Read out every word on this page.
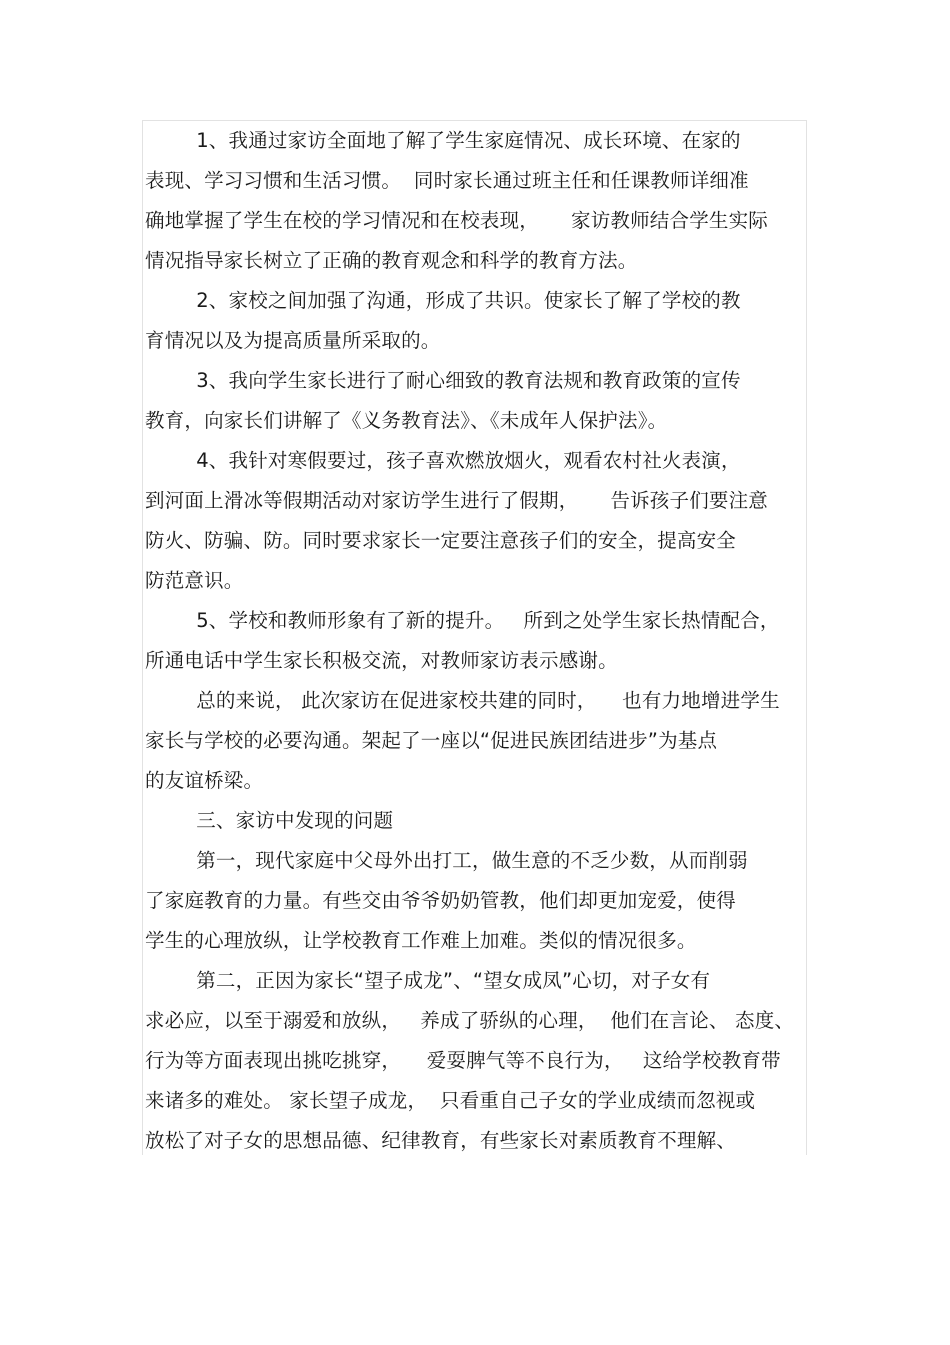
1、我通过家访全面地了解了学生家庭情况、成长环境、在家的
表现、学习习惯和生活习惯。  同时家长通过班主任和任课教师详细准
确地掌握了学生在校的学习情况和在校表现，     家访教师结合学生实际
情况指导家长树立了正确的教育观念和科学的教育方法。
2、家校之间加强了沟通，形成了共识。使家长了解了学校的教
育情况以及为提高质量所采取的。
3、我向学生家长进行了耐心细致的教育法规和教育政策的宣传
教育，向家长们讲解了《义务教育法》、《未成年人保护法》。
4、我针对寒假要过，孩子喜欢燃放烟火，观看农村社火表演，
到河面上滑冰等假期活动对家访学生进行了假期，     告诉孩子们要注意
防火、防骗、防。同时要求家长一定要注意孩子们的安全，提高安全
防范意识。
5、学校和教师形象有了新的提升。   所到之处学生家长热情配合，
所通电话中学生家长积极交流，对教师家访表示感谢。
总的来说， 此次家访在促进家校共建的同时，    也有力地增进学生
家长与学校的必要沟通。架起了一座以“促进民族团结进步”为基点
的友谊桥梁。
三、家访中发现的问题
第一，现代家庭中父母外出打工，做生意的不乏少数，从而削弱
了家庭教育的力量。有些交由爷爷奶奶管教，他们却更加宠爱，使得
学生的心理放纵，让学校教育工作难上加难。类似的情况很多。
第二，正因为家长“望子成龙”、“望女成凤”心切，对子女有
求必应，以至于溺爱和放纵，   养成了骄纵的心理，  他们在言论、 态度、
行为等方面表现出挑吃挑穿，    爱耍脾气等不良行为，   这给学校教育带
来诸多的难处。 家长望子成龙，  只看重自己子女的学业成绩而忽视或
放松了对子女的思想品德、纪律教育，有些家长对素质教育不理解、
